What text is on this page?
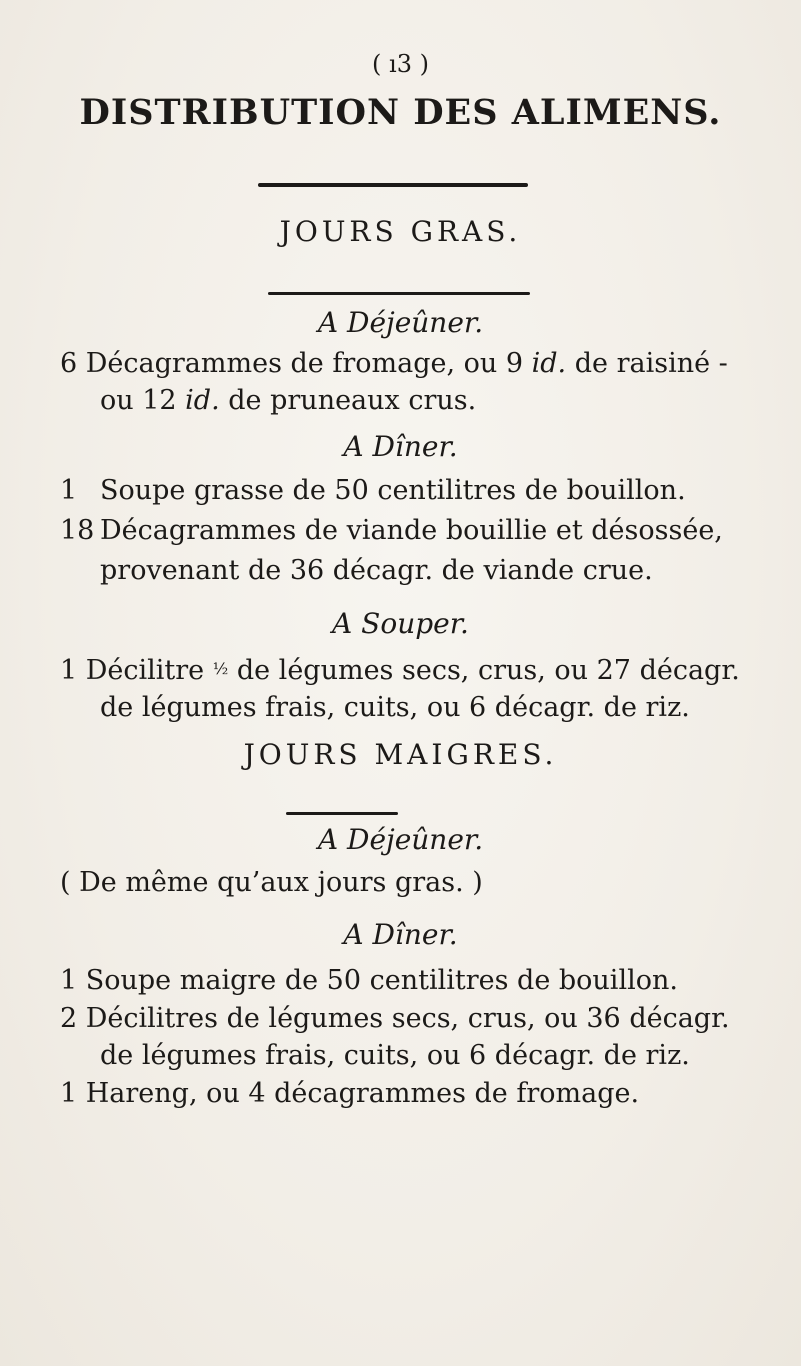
( ı3 )
DISTRIBUTION DES ALIMENS.
JOURS GRAS.
A Déjeûner.
6 Décagrammes de fromage, ou 9 id. de raisiné -
ou 12 id. de pruneaux crus.
A Dîner.
1 Soupe grasse de 50 centilitres de bouillon.
18 Décagrammes de viande bouillie et désossée,
provenant de 36 décagr. de viande crue.
A Souper.
1 Décilitre ½ de légumes secs, crus, ou 27 décagr.
de légumes frais, cuits, ou 6 décagr. de riz.
JOURS MAIGRES.
A Déjeûner.
( De même qu’aux jours gras. )
A Dîner.
1 Soupe maigre de 50 centilitres de bouillon.
2 Décilitres de légumes secs, crus, ou 36 décagr.
de légumes frais, cuits, ou 6 décagr. de riz.
1 Hareng, ou 4 décagrammes de fromage.
